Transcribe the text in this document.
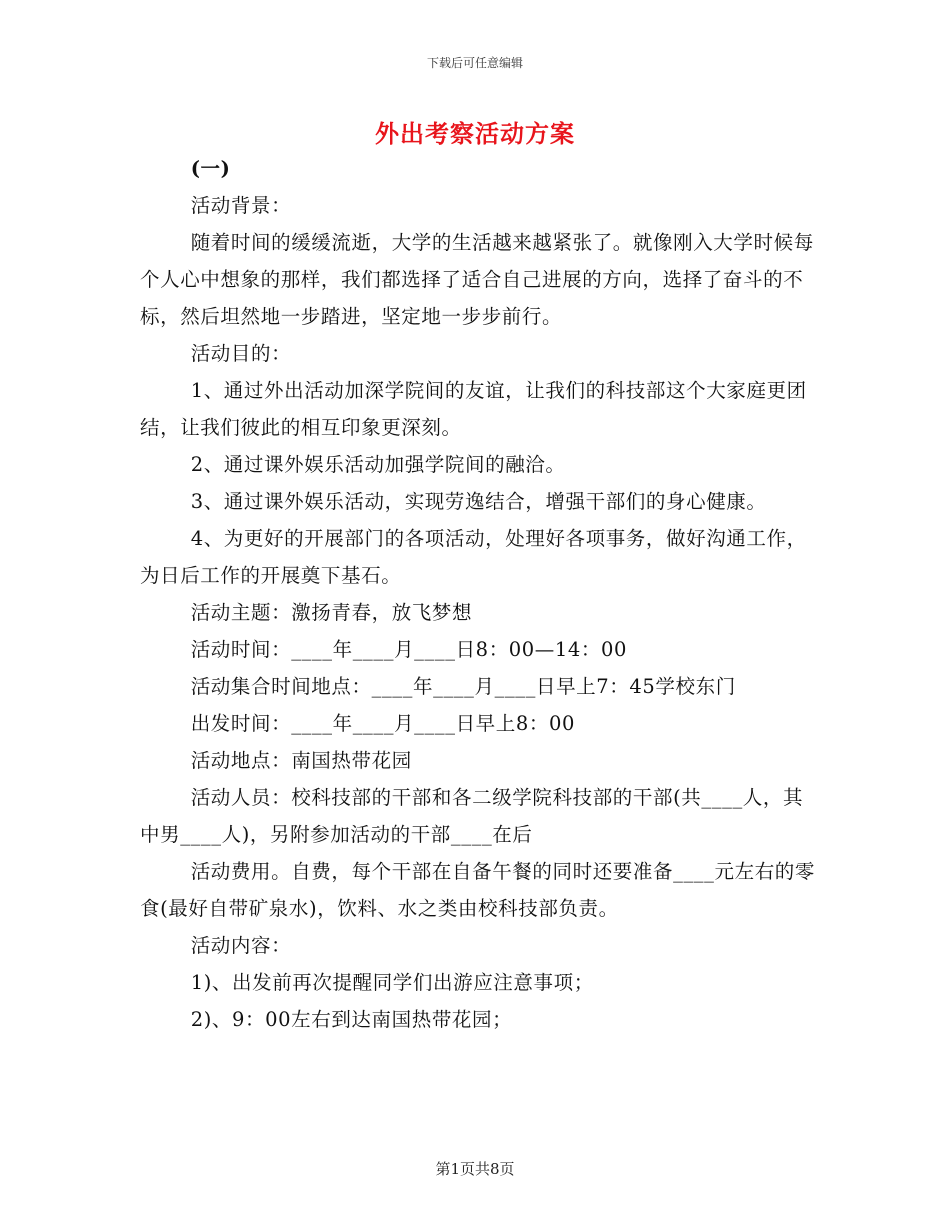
下载后可任意编辑
外出考察活动方案

(一)

活动背景：

随着时间的缓缓流逝，大学的生活越来越紧张了。就像刚入大学时候每个人心中想象的那样，我们都选择了适合自己进展的方向，选择了奋斗的不标，然后坦然地一步踏进，坚定地一步步前行。

活动目的：

1、通过外出活动加深学院间的友谊，让我们的科技部这个大家庭更团结，让我们彼此的相互印象更深刻。

2、通过课外娱乐活动加强学院间的融洽。

3、通过课外娱乐活动，实现劳逸结合，增强干部们的身心健康。

4、为更好的开展部门的各项活动，处理好各项事务，做好沟通工作，为日后工作的开展奠下基石。

活动主题：激扬青春，放飞梦想

活动时间：____年____月____日8：00—14：00

活动集合时间地点：____年____月____日早上7：45学校东门

出发时间：____年____月____日早上8：00

活动地点：南国热带花园

活动人员：校科技部的干部和各二级学院科技部的干部(共____人，其中男____人)，另附参加活动的干部____在后

活动费用。自费，每个干部在自备午餐的同时还要准备____元左右的零食(最好自带矿泉水)，饮料、水之类由校科技部负责。

活动内容：

1)、出发前再次提醒同学们出游应注意事项；

2)、9：00左右到达南国热带花园；

第1页共8页
